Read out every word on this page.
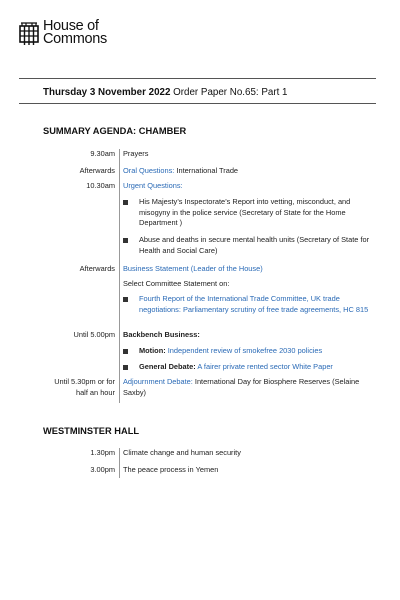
House of
Commons
Thursday 3 November 2022 Order Paper No.65: Part 1
SUMMARY AGENDA: CHAMBER
9.30am Prayers
Afterwards Oral Questions: International Trade
10.30am Urgent Questions:
His Majesty’s Inspectorate’s Report into vetting, misconduct, and misogyny in the police service (Secretary of State for the Home Department )
Abuse and deaths in secure mental health units (Secretary of State for Health and Social Care)
Afterwards Business Statement (Leader of the House)
Select Committee Statement on:
Fourth Report of the International Trade Committee, UK trade negotiations: Parliamentary scrutiny of free trade agreements, HC 815
Until 5.00pm Backbench Business:
Motion: Independent review of smokefree 2030 policies
General Debate: A fairer private rented sector White Paper
Until 5.30pm or for
half an hour
Adjournment Debate: International Day for Biosphere Reserves (Selaine Saxby)
WESTMINSTER HALL
1.30pm Climate change and human security
3.00pm The peace process in Yemen
